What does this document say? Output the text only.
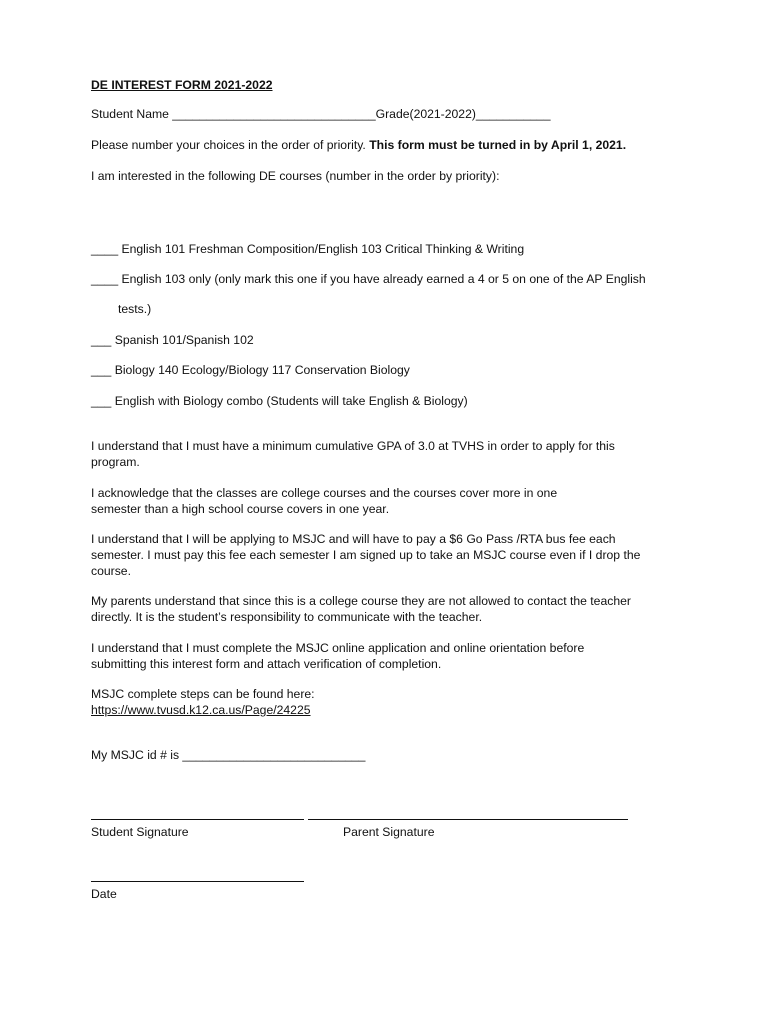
DE INTEREST FORM 2021-2022
Student Name ______________________________Grade(2021-2022)___________
Please number your choices in the order of priority. This form must be turned in by April 1, 2021.
I am interested in the following DE courses (number in the order by priority):
____ English 101 Freshman Composition/English 103 Critical Thinking & Writing
____ English 103 only (only mark this one if you have already earned a 4 or 5 on one of the AP English
tests.)
___ Spanish 101/Spanish 102
___ Biology 140 Ecology/Biology 117 Conservation Biology
___ English with Biology combo (Students will take English & Biology)
I understand that I must have a minimum cumulative GPA of 3.0 at TVHS in order to apply for this
program.
I acknowledge that the classes are college courses and the courses cover more in one
semester than a high school course covers in one year.
I understand that I will be applying to MSJC and will have to pay a $6 Go Pass /RTA bus fee each
semester. I must pay this fee each semester I am signed up to take an MSJC course even if I drop the
course.
My parents understand that since this is a college course they are not allowed to contact the teacher
directly. It is the student’s responsibility to communicate with the teacher.
I understand that I must complete the MSJC online application and online orientation before
submitting this interest form and attach verification of completion.
MSJC complete steps can be found here:
https://www.tvusd.k12.ca.us/Page/24225
My MSJC id # is ___________________________
Student Signature	Parent Signature
Date
